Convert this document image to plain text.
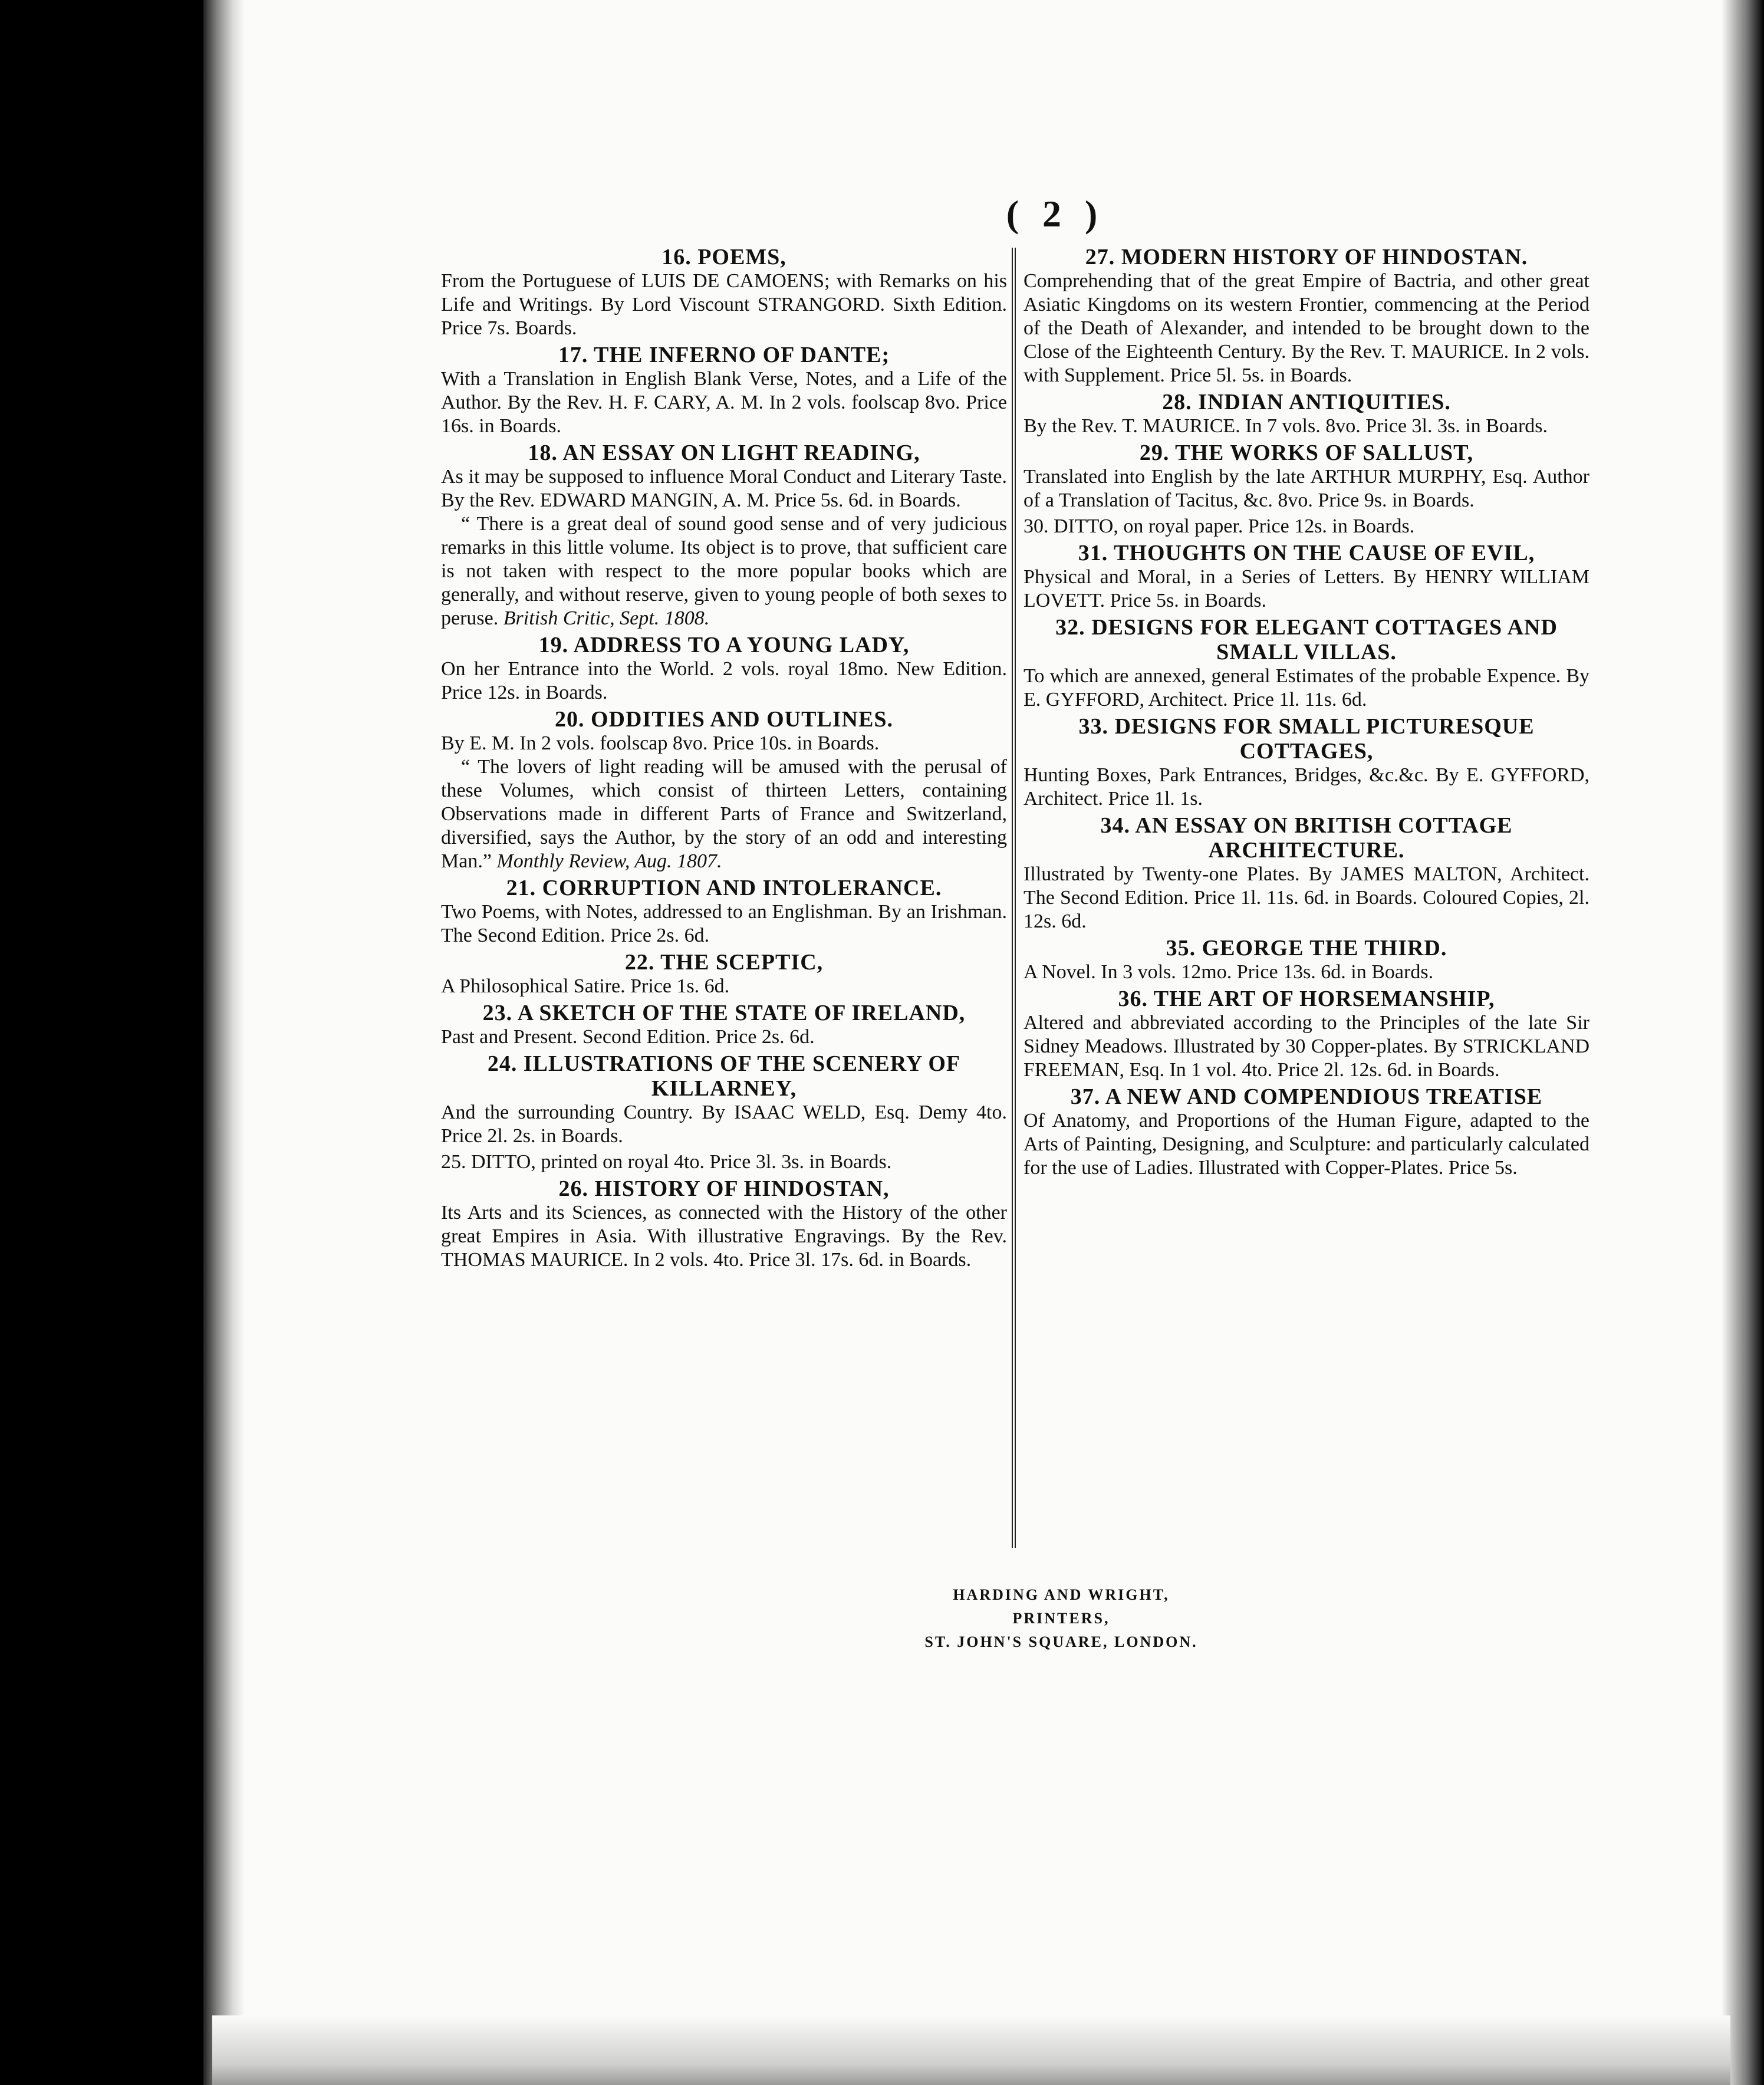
( 2 )
16. POEMS,
From the Portuguese of LUIS DE CAMOENS; with Remarks on his Life and Writings. By Lord Viscount STRANGORD. Sixth Edition. Price 7s. Boards.
17. THE INFERNO OF DANTE;
With a Translation in English Blank Verse, Notes, and a Life of the Author. By the Rev. H. F. CARY, A. M. In 2 vols. foolscap 8vo. Price 16s. in Boards.
18. AN ESSAY ON LIGHT READING,
As it may be supposed to influence Moral Conduct and Literary Taste. By the Rev. EDWARD MANGIN, A. M. Price 5s. 6d. in Boards.
“ There is a great deal of sound good sense and of very judicious remarks in this little volume. Its object is to prove, that sufficient care is not taken with respect to the more popular books which are generally, and without reserve, given to young people of both sexes to peruse. British Critic, Sept. 1808.
19. ADDRESS TO A YOUNG LADY,
On her Entrance into the World. 2 vols. royal 18mo. New Edition. Price 12s. in Boards.
20. ODDITIES AND OUTLINES.
By E. M. In 2 vols. foolscap 8vo. Price 10s. in Boards.
“ The lovers of light reading will be amused with the perusal of these Volumes, which consist of thirteen Letters, containing Observations made in different Parts of France and Switzerland, diversified, says the Author, by the story of an odd and interesting Man.” Monthly Review, Aug. 1807.
21. CORRUPTION AND INTOLERANCE.
Two Poems, with Notes, addressed to an Englishman. By an Irishman. The Second Edition. Price 2s. 6d.
22. THE SCEPTIC,
A Philosophical Satire. Price 1s. 6d.
23. A SKETCH OF THE STATE OF IRELAND,
Past and Present. Second Edition. Price 2s. 6d.
24. ILLUSTRATIONS OF THE SCENERY OF KILLARNEY,
And the surrounding Country. By ISAAC WELD, Esq. Demy 4to. Price 2l. 2s. in Boards.
25. DITTO, printed on royal 4to. Price 3l. 3s. in Boards.
26. HISTORY OF HINDOSTAN,
Its Arts and its Sciences, as connected with the History of the other great Empires in Asia. With illustrative Engravings. By the Rev. THOMAS MAURICE. In 2 vols. 4to. Price 3l. 17s. 6d. in Boards.
27. MODERN HISTORY OF HINDOSTAN.
Comprehending that of the great Empire of Bactria, and other great Asiatic Kingdoms on its western Frontier, commencing at the Period of the Death of Alexander, and intended to be brought down to the Close of the Eighteenth Century. By the Rev. T. MAURICE. In 2 vols. with Supplement. Price 5l. 5s. in Boards.
28. INDIAN ANTIQUITIES.
By the Rev. T. MAURICE. In 7 vols. 8vo. Price 3l. 3s. in Boards.
29. THE WORKS OF SALLUST,
Translated into English by the late ARTHUR MURPHY, Esq. Author of a Translation of Tacitus, &c. 8vo. Price 9s. in Boards.
30. DITTO, on royal paper. Price 12s. in Boards.
31. THOUGHTS ON THE CAUSE OF EVIL,
Physical and Moral, in a Series of Letters. By HENRY WILLIAM LOVETT. Price 5s. in Boards.
32. DESIGNS FOR ELEGANT COTTAGES AND SMALL VILLAS.
To which are annexed, general Estimates of the probable Expence. By E. GYFFORD, Architect. Price 1l. 11s. 6d.
33. DESIGNS FOR SMALL PICTURESQUE COTTAGES,
Hunting Boxes, Park Entrances, Bridges, &c.&c. By E. GYFFORD, Architect. Price 1l. 1s.
34. AN ESSAY ON BRITISH COTTAGE ARCHITECTURE.
Illustrated by Twenty-one Plates. By JAMES MALTON, Architect. The Second Edition. Price 1l. 11s. 6d. in Boards. Coloured Copies, 2l. 12s. 6d.
35. GEORGE THE THIRD.
A Novel. In 3 vols. 12mo. Price 13s. 6d. in Boards.
36. THE ART OF HORSEMANSHIP,
Altered and abbreviated according to the Principles of the late Sir Sidney Meadows. Illustrated by 30 Copper-plates. By STRICKLAND FREEMAN, Esq. In 1 vol. 4to. Price 2l. 12s. 6d. in Boards.
37. A NEW AND COMPENDIOUS TREATISE
Of Anatomy, and Proportions of the Human Figure, adapted to the Arts of Painting, Designing, and Sculpture: and particularly calculated for the use of Ladies. Illustrated with Copper-Plates. Price 5s.
HARDING AND WRIGHT,
PRINTERS,
ST. JOHN'S SQUARE, LONDON.
